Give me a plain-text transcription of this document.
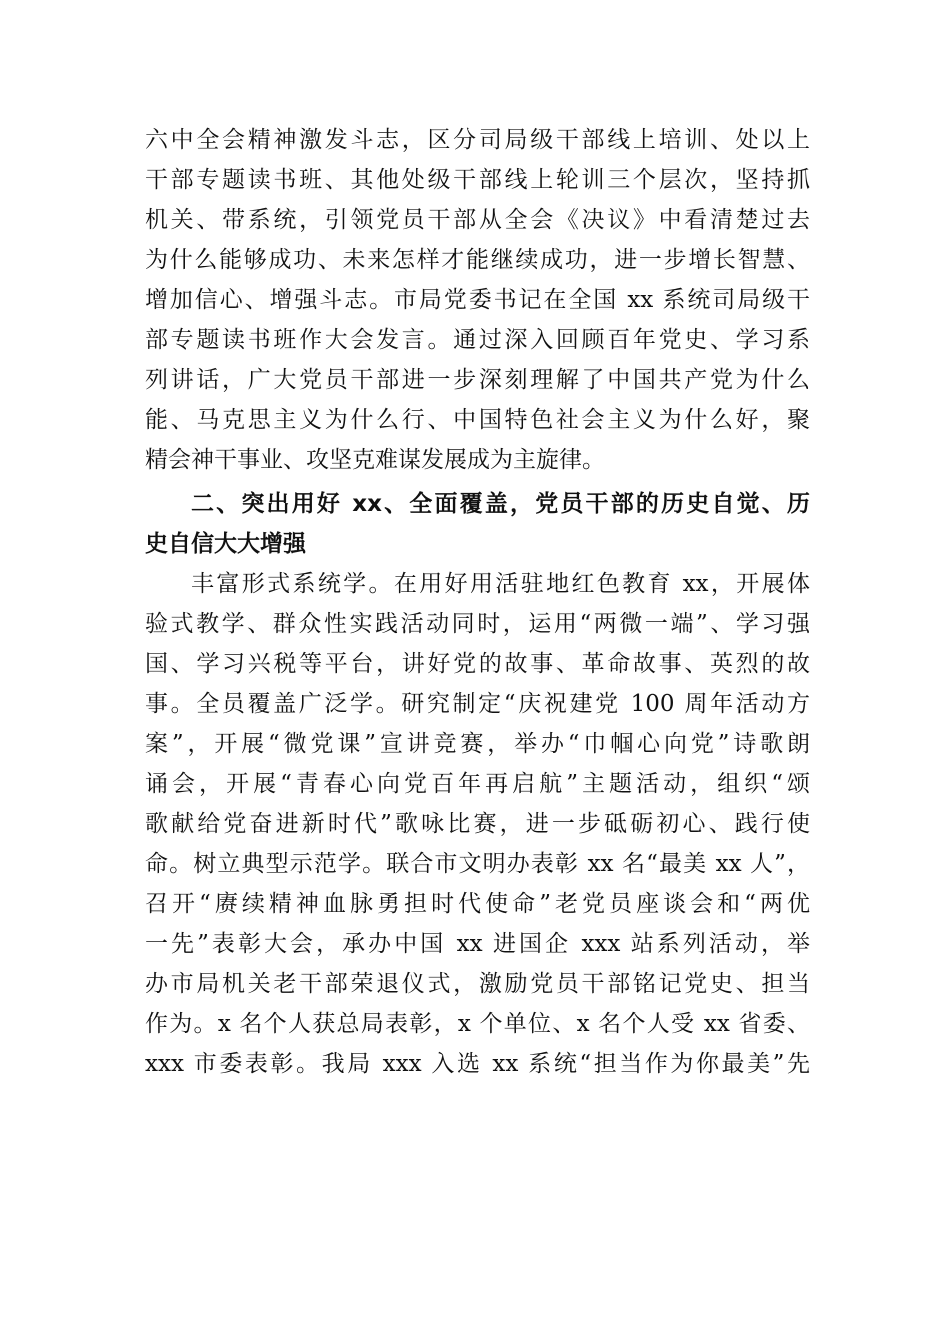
六中全会精神激发斗志，区分司局级干部线上培训、处以上
干部专题读书班、其他处级干部线上轮训三个层次，坚持抓
机关、带系统，引领党员干部从全会《决议》中看清楚过去
为什么能够成功、未来怎样才能继续成功，进一步增长智慧、
增加信心、增强斗志。市局党委书记在全国 xx 系统司局级干
部专题读书班作大会发言。通过深入回顾百年党史、学习系
列讲话，广大党员干部进一步深刻理解了中国共产党为什么
能、马克思主义为什么行、中国特色社会主义为什么好，聚
精会神干事业、攻坚克难谋发展成为主旋律。
二、突出用好 xx、全面覆盖，党员干部的历史自觉、历
史自信大大增强
丰富形式系统学。在用好用活驻地红色教育 xx，开展体
验式教学、群众性实践活动同时，运用“两微一端”、学习强
国、学习兴税等平台，讲好党的故事、革命故事、英烈的故
事。全员覆盖广泛学。研究制定“庆祝建党 100 周年活动方
案”，开展“微党课”宣讲竞赛，举办“巾帼心向党”诗歌朗
诵会，开展“青春心向党百年再启航”主题活动，组织“颂
歌献给党奋进新时代”歌咏比赛，进一步砥砺初心、践行使
命。树立典型示范学。联合市文明办表彰 xx 名“最美 xx 人”，
召开“赓续精神血脉勇担时代使命”老党员座谈会和“两优
一先”表彰大会，承办中国 xx 进国企 xxx 站系列活动，举
办市局机关老干部荣退仪式，激励党员干部铭记党史、担当
作为。x 名个人获总局表彰，x 个单位、x 名个人受 xx 省委、
xxx 市委表彰。我局 xxx 入选 xx 系统“担当作为你最美”先
